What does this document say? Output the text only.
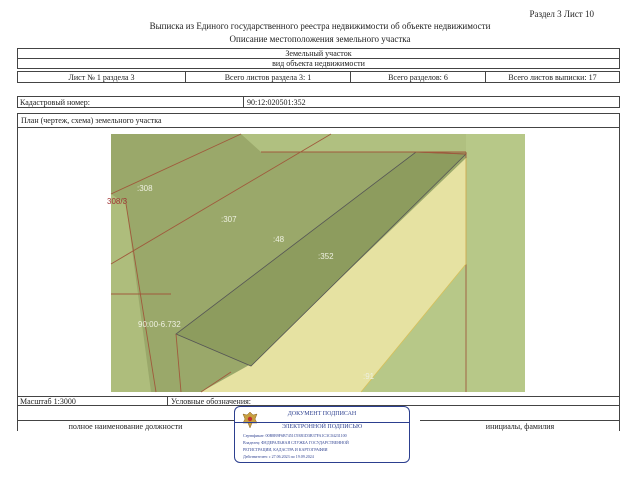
Раздел 3 Лист 10
Выписка из Единого государственного реестра недвижимости об объекте недвижимости
Описание местоположения земельного участка
Земельный участок
вид объекта недвижимости
Лист № 1 раздела 3	Всего листов раздела 3: 1	Всего разделов: 6	Всего листов выписки: 17
Кадастровый номер:	90:12:020501:352
План (чертеж, схема) земельного участка
:308
308/3
:307
:48
:352
:91
90:00-6.732
Масштаб 1:3000	Условные обозначения:
полное наименование должности	инициалы, фамилия
ДОКУМЕНТ ПОДПИСАН
ЭЛЕКТРОННОЙ ПОДПИСЬЮ
Сертификат: 00B8B9F6B7451C93B1D3B37FA1C3C04231100
Владелец: ФЕДЕРАЛЬНАЯ СЛУЖБА ГОСУДАРСТВЕННОЙ
РЕГИСТРАЦИИ, КАДАСТРА И КАРТОГРАФИИ
Действителен: с 27.06.2023 по 19.09.2024
